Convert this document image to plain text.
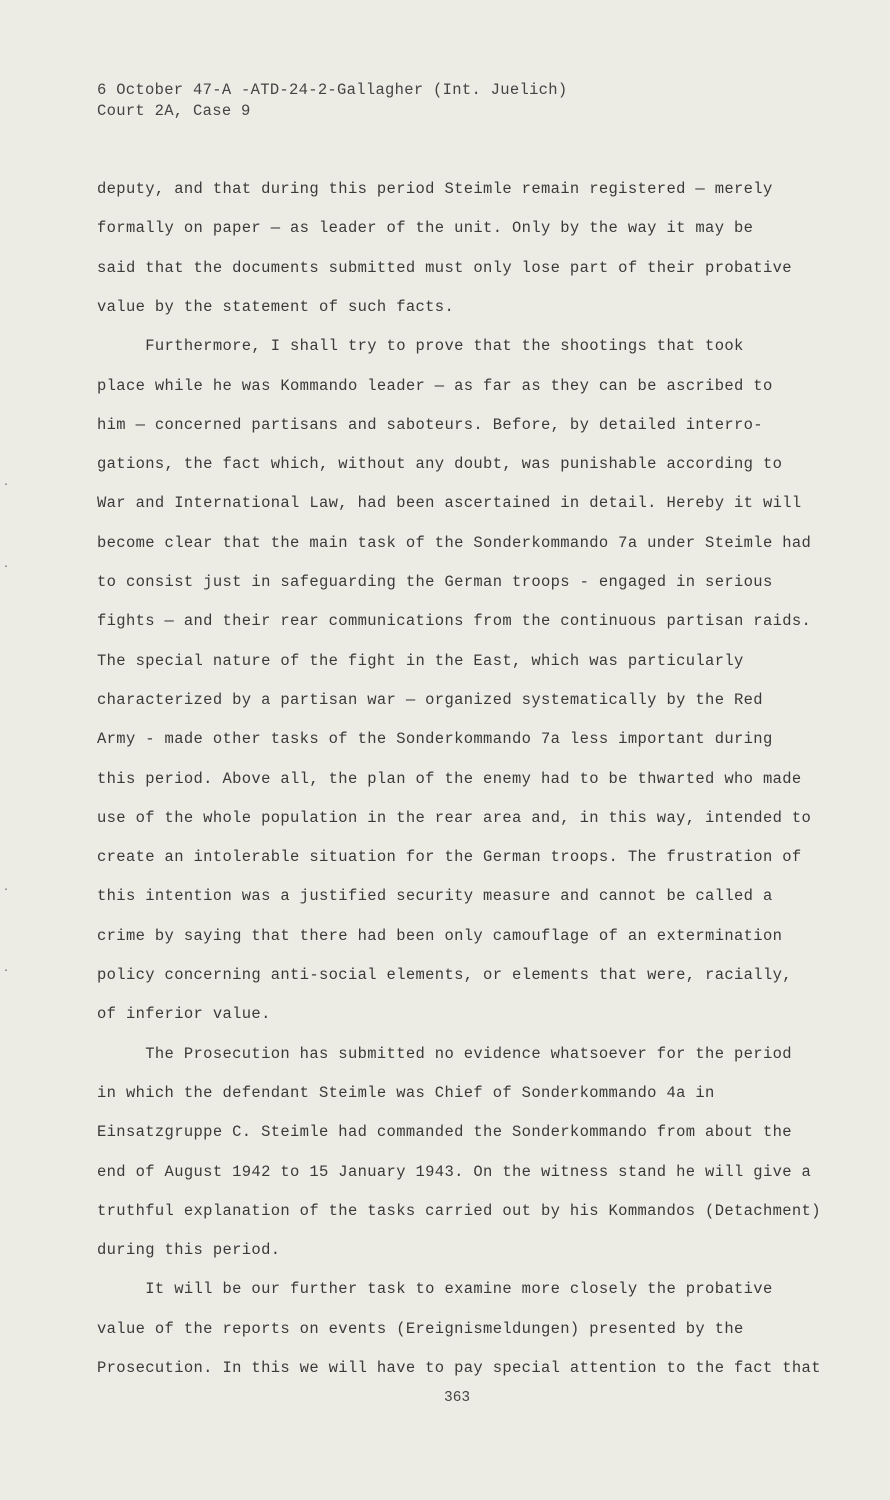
6 October 47-A -ATD-24-2-Gallagher (Int. Juelich)
Court 2A, Case 9
deputy, and that during this period Steimle remain registered — merely
formally on paper — as leader of the unit. Only by the way it may be
said that the documents submitted must only lose part of their probative
value by the statement of such facts.
Furthermore, I shall try to prove that the shootings that took
place while he was Kommando leader — as far as they can be ascribed to
him — concerned partisans and saboteurs. Before, by detailed interro-
gations, the fact which, without any doubt, was punishable according to
War and International Law, had been ascertained in detail. Hereby it will
become clear that the main task of the Sonderkommando 7a under Steimle had
to consist just in safeguarding the German troops - engaged in serious
fights — and their rear communications from the continuous partisan raids.
The special nature of the fight in the East, which was particularly
characterized by a partisan war — organized systematically by the Red
Army - made other tasks of the Sonderkommando 7a less important during
this period. Above all, the plan of the enemy had to be thwarted who made
use of the whole population in the rear area and, in this way, intended to
create an intolerable situation for the German troops. The frustration of
this intention was a justified security measure and cannot be called a
crime by saying that there had been only camouflage of an extermination
policy concerning anti-social elements, or elements that were, racially,
of inferior value.
The Prosecution has submitted no evidence whatsoever for the period
in which the defendant Steimle was Chief of Sonderkommando 4a in
Einsatzgruppe C. Steimle had commanded the Sonderkommando from about the
end of August 1942 to 15 January 1943. On the witness stand he will give a
truthful explanation of the tasks carried out by his Kommandos (Detachment)
during this period.
It will be our further task to examine more closely the probative
value of the reports on events (Ereignismeldungen) presented by the
Prosecution. In this we will have to pay special attention to the fact that
363
·
·
·
·
